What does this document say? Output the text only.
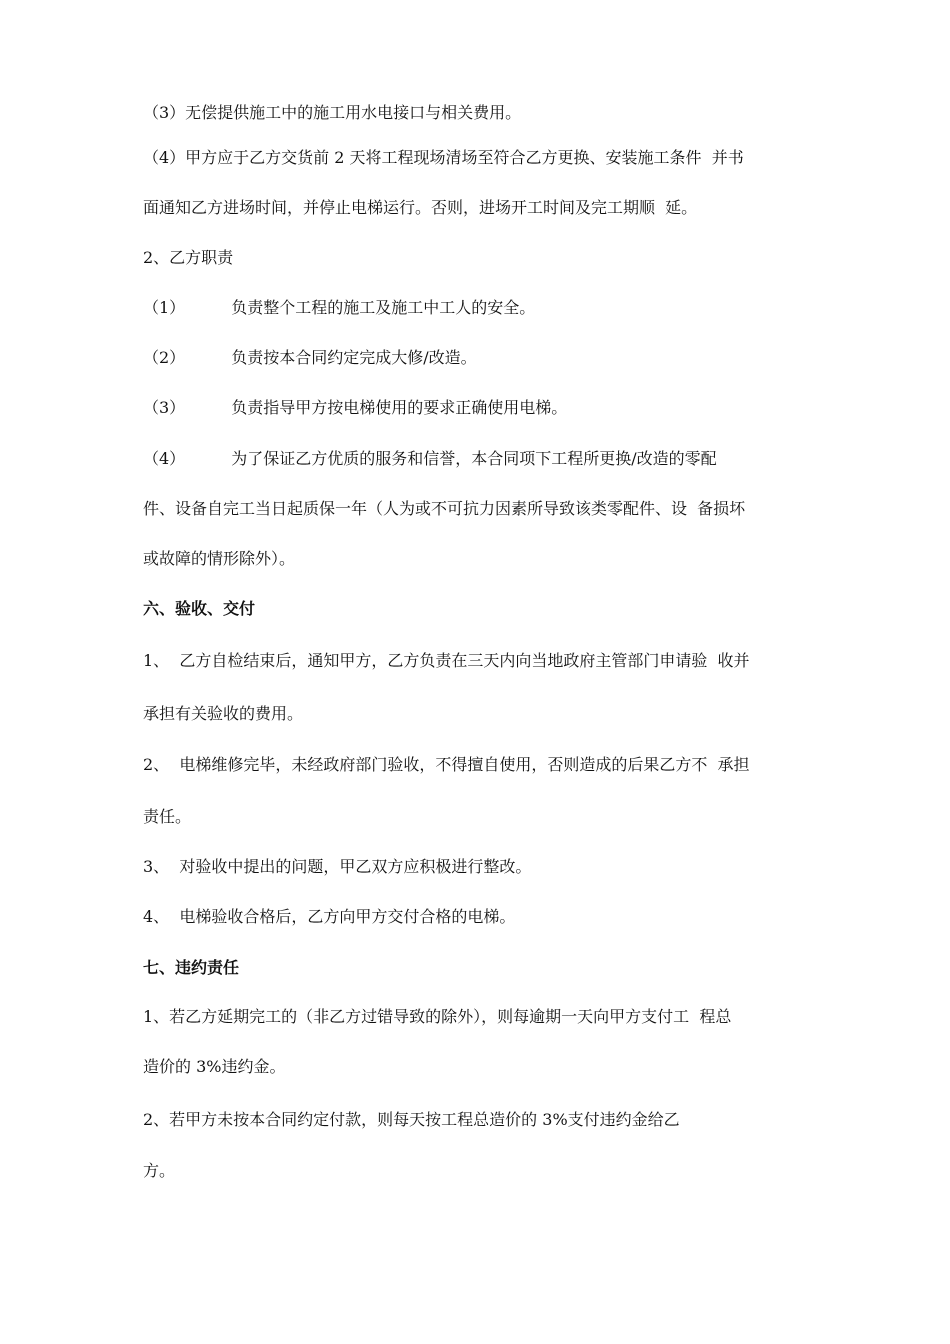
（3）无偿提供施工中的施工用水电接口与相关费用。
（4）甲方应于乙方交货前 2 天将工程现场清场至符合乙方更换、安装施工条件  并书
面通知乙方进场时间，并停止电梯运行。否则，进场开工时间及完工期顺  延。
2、乙方职责
（1）	负责整个工程的施工及施工中工人的安全。
（2）	负责按本合同约定完成大修/改造。
（3）	负责指导甲方按电梯使用的要求正确使用电梯。
（4）	为了保证乙方优质的服务和信誉，本合同项下工程所更换/改造的零配
件、设备自完工当日起质保一年（人为或不可抗力因素所导致该类零配件、设  备损坏
或故障的情形除外）。
六、验收、交付
1、  乙方自检结束后，通知甲方，乙方负责在三天内向当地政府主管部门申请验  收并
承担有关验收的费用。
2、  电梯维修完毕，未经政府部门验收，不得擅自使用，否则造成的后果乙方不  承担
责任。
3、  对验收中提出的问题，甲乙双方应积极进行整改。
4、  电梯验收合格后，乙方向甲方交付合格的电梯。
七、违约责任
1、若乙方延期完工的（非乙方过错导致的除外），则每逾期一天向甲方支付工  程总
造价的 3%违约金。
2、若甲方未按本合同约定付款，则每天按工程总造价的 3%支付违约金给乙
方。
